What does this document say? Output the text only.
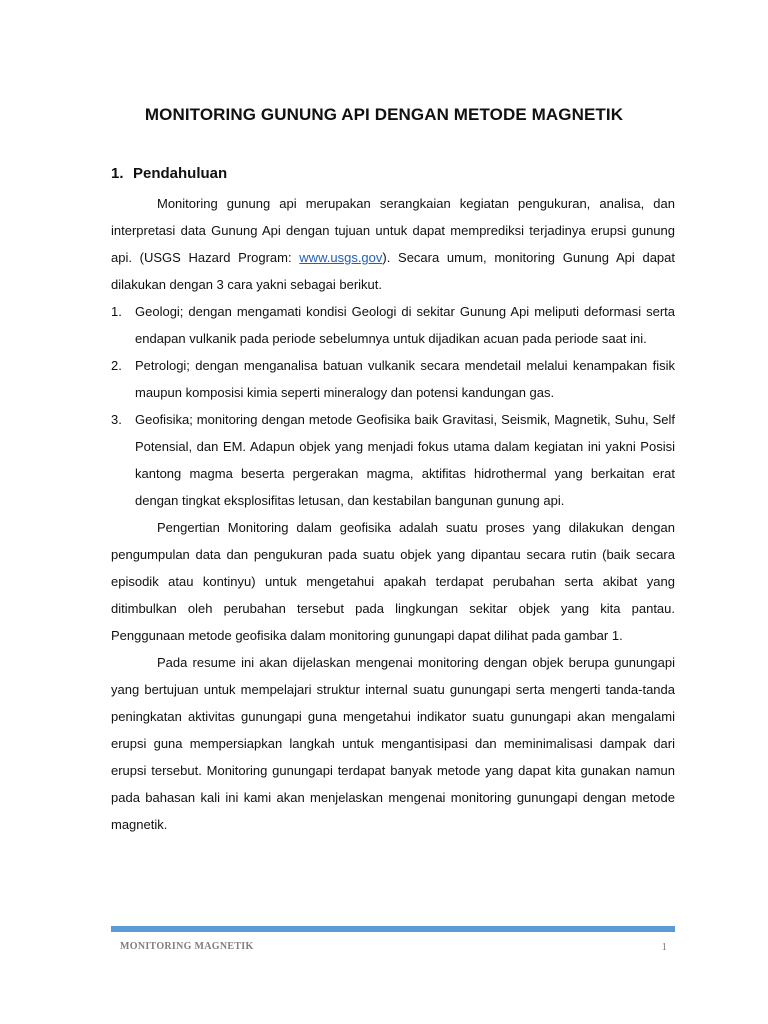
MONITORING GUNUNG API DENGAN METODE MAGNETIK
1. Pendahuluan

Monitoring gunung api merupakan serangkaian kegiatan pengukuran, analisa, dan interpretasi data Gunung Api dengan tujuan untuk dapat memprediksi terjadinya erupsi gunung api. (USGS Hazard Program: www.usgs.gov). Secara umum, monitoring Gunung Api dapat dilakukan dengan 3 cara yakni sebagai berikut.

1. Geologi; dengan mengamati kondisi Geologi di sekitar Gunung Api meliputi deformasi serta endapan vulkanik pada periode sebelumnya untuk dijadikan acuan pada periode saat ini.
2. Petrologi; dengan menganalisa batuan vulkanik secara mendetail melalui kenampakan fisik maupun komposisi kimia seperti mineralogy dan potensi kandungan gas.
3. Geofisika; monitoring dengan metode Geofisika baik Gravitasi, Seismik, Magnetik, Suhu, Self Potensial, dan EM. Adapun objek yang menjadi fokus utama dalam kegiatan ini yakni Posisi kantong magma beserta pergerakan magma, aktifitas hidrothermal yang berkaitan erat dengan tingkat eksplosifitas letusan, dan kestabilan bangunan gunung api.

Pengertian Monitoring dalam geofisika adalah suatu proses yang dilakukan dengan pengumpulan data dan pengukuran pada suatu objek yang dipantau secara rutin (baik secara episodik atau kontinyu) untuk mengetahui apakah terdapat perubahan serta akibat yang ditimbulkan oleh perubahan tersebut pada lingkungan sekitar objek yang kita pantau. Penggunaan metode geofisika dalam monitoring gunungapi dapat dilihat pada gambar 1.

Pada resume ini akan dijelaskan mengenai monitoring dengan objek berupa gunungapi yang bertujuan untuk mempelajari struktur internal suatu gunungapi serta mengerti tanda-tanda peningkatan aktivitas gunungapi guna mengetahui indikator suatu gunungapi akan mengalami erupsi guna mempersiapkan langkah untuk mengantisipasi dan meminimalisasi dampak dari erupsi tersebut. Monitoring gunungapi terdapat banyak metode yang dapat kita gunakan namun pada bahasan kali ini kami akan menjelaskan mengenai monitoring gunungapi dengan metode magnetik.

MONITORING MAGNETIK	1
